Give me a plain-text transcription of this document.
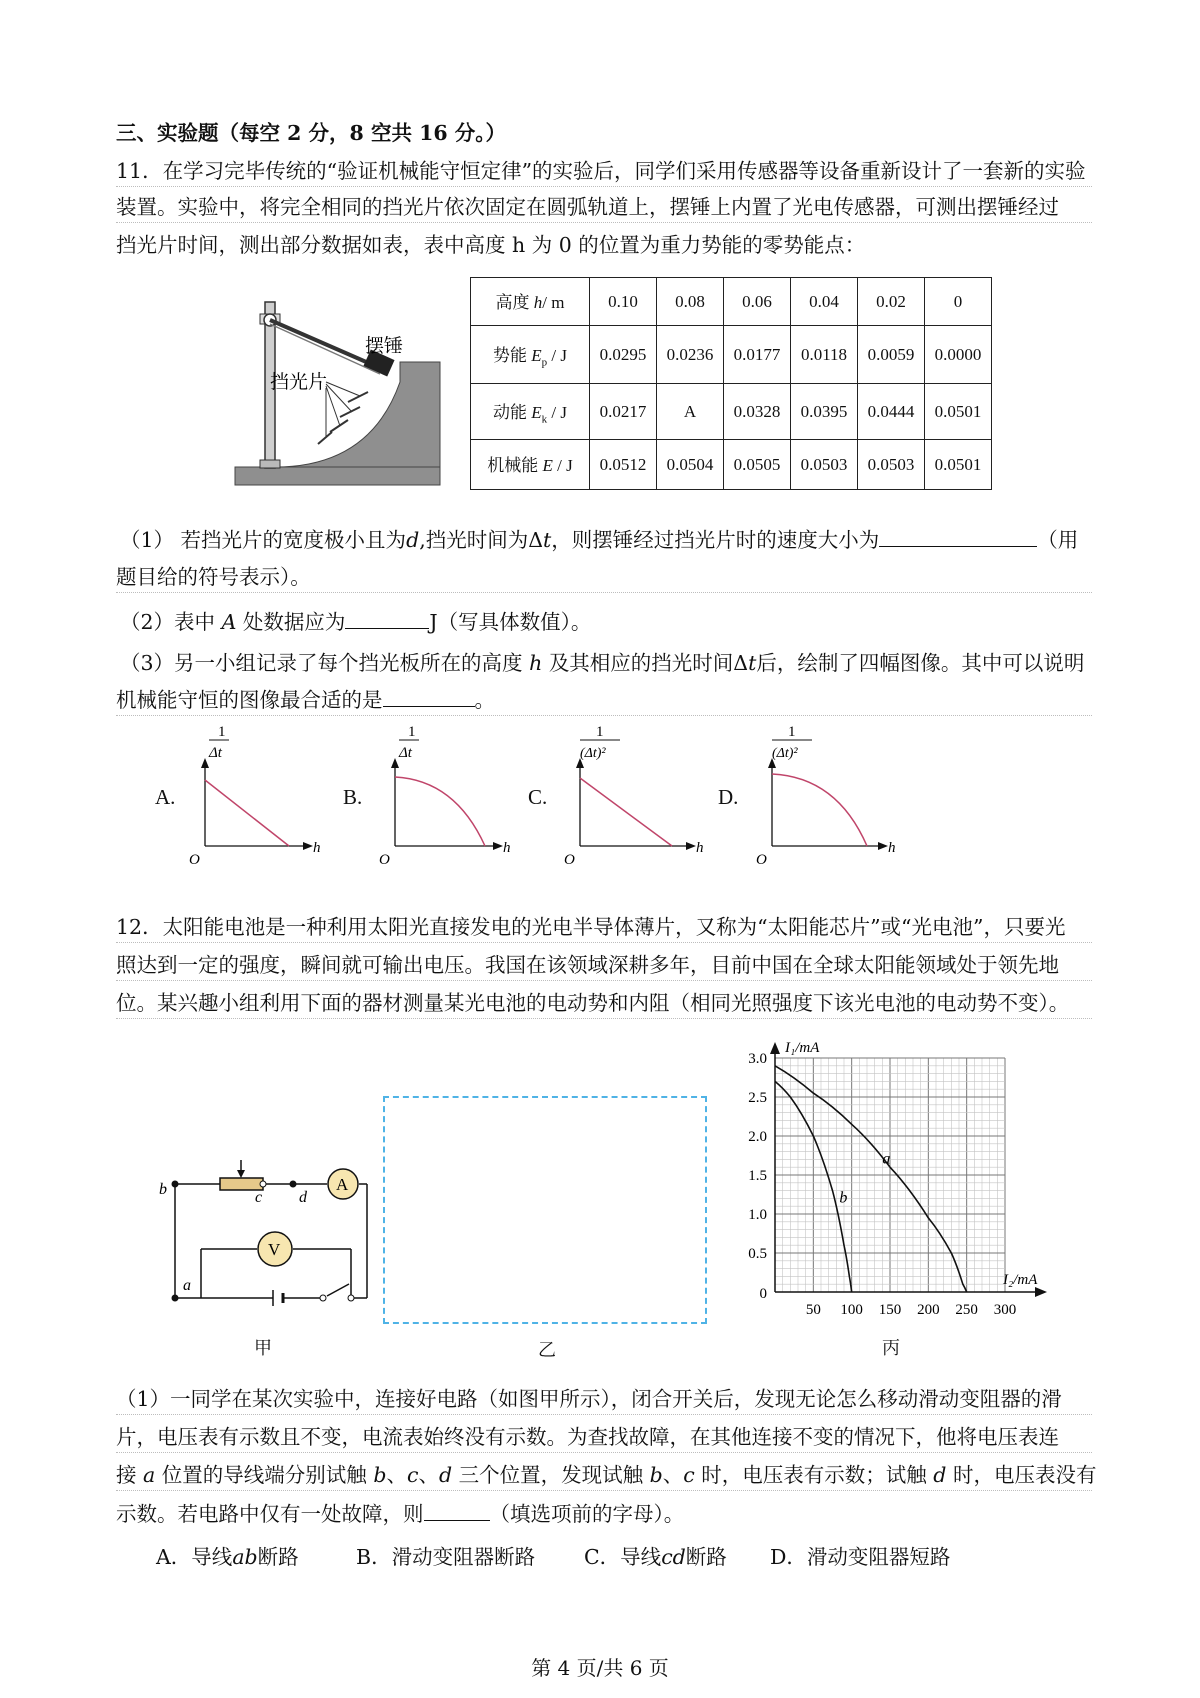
三、实验题（每空 2 分，8 空共 16 分。）
11．在学习完毕传统的“验证机械能守恒定律”的实验后，同学们采用传感器等设备重新设计了一套新的实验
装置。实验中，将完全相同的挡光片依次固定在圆弧轨道上，摆锤上内置了光电传感器，可测出摆锤经过
挡光片时间，测出部分数据如表，表中高度 h 为 0 的位置为重力势能的零势能点：
摆锤
挡光片
高度 h/ m	0.10	0.08	0.06	0.04	0.02	0
势能 $E_p$ / J	0.0295	0.0236	0.0177	0.0118	0.0059	0.0000
动能 $E_k$ / J	0.0217	A	0.0328	0.0395	0.0444	0.0501
机械能 E / J	0.0512	0.0504	0.0505	0.0503	0.0503	0.0501
（1） 若挡光片的宽度极小且为d,挡光时间为Δt，则摆锤经过挡光片时的速度大小为	（用
题目给的符号表示）。
（2）表中 A 处数据应为	J（写具体数值）。
（3）另一小组记录了每个挡光板所在的高度 h 及其相应的挡光时间Δt后，绘制了四幅图像。其中可以说明
机械能守恒的图像最合适的是	。
A.	B.	C.	D.
1
Δt
O
h
1
Δt
O
h
1
(Δt)²
O
h
1
(Δt)²
O
h
12．太阳能电池是一种利用太阳光直接发电的光电半导体薄片，又称为“太阳能芯片”或“光电池”，只要光
照达到一定的强度，瞬间就可输出电压。我国在该领域深耕多年，目前中国在全球太阳能领域处于领先地
位。某兴趣小组利用下面的器材测量某光电池的电动势和内阻（相同光照强度下该光电池的电动势不变）。
A
V
b	c d
a
a
b
50 100 150 200 250 300
0.5
1.0
1.5
2.0
2.5
3.0
0
I₁/mA
I₂/mA
甲	乙	丙
（1）一同学在某次实验中，连接好电路（如图甲所示），闭合开关后，发现无论怎么移动滑动变阻器的滑
片，电压表有示数且不变，电流表始终没有示数。为查找故障，在其他连接不变的情况下，他将电压表连
接 a 位置的导线端分别试触 b、c、d 三个位置，发现试触 b、c 时，电压表有示数；试触 d 时，电压表没有
示数。若电路中仅有一处故障，则	（填选项前的字母）。
A．导线ab断路	B．滑动变阻器断路 C．导线cd断路 D．滑动变阻器短路
第 4 页/共 6 页
